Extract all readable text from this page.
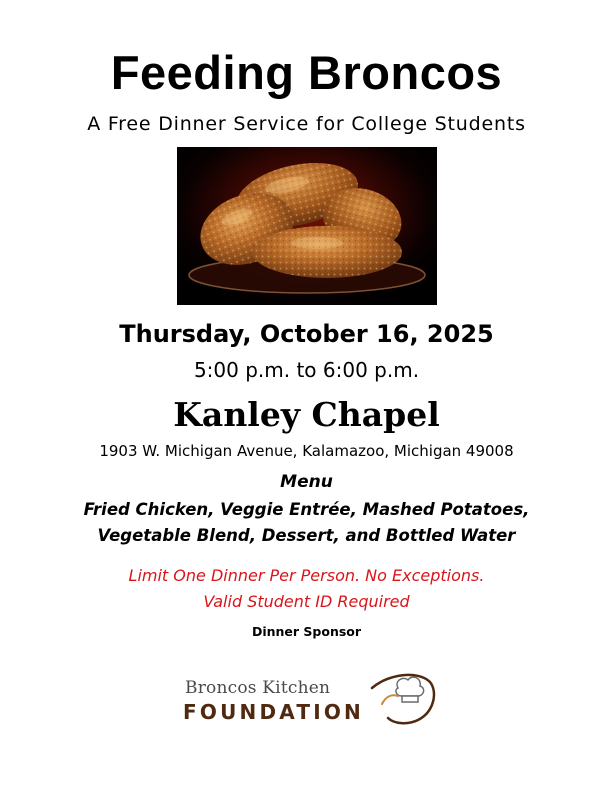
Feeding Broncos
A Free Dinner Service for College Students
Thursday, October 16, 2025
5:00 p.m. to 6:00 p.m.
Kanley Chapel
1903 W. Michigan Avenue, Kalamazoo, Michigan 49008
Menu
Fried Chicken, Veggie Entrée, Mashed Potatoes,
Vegetable Blend, Dessert, and Bottled Water
Limit One Dinner Per Person. No Exceptions.
Valid Student ID Required
Dinner Sponsor
Broncos Kitchen
FOUNDATION
